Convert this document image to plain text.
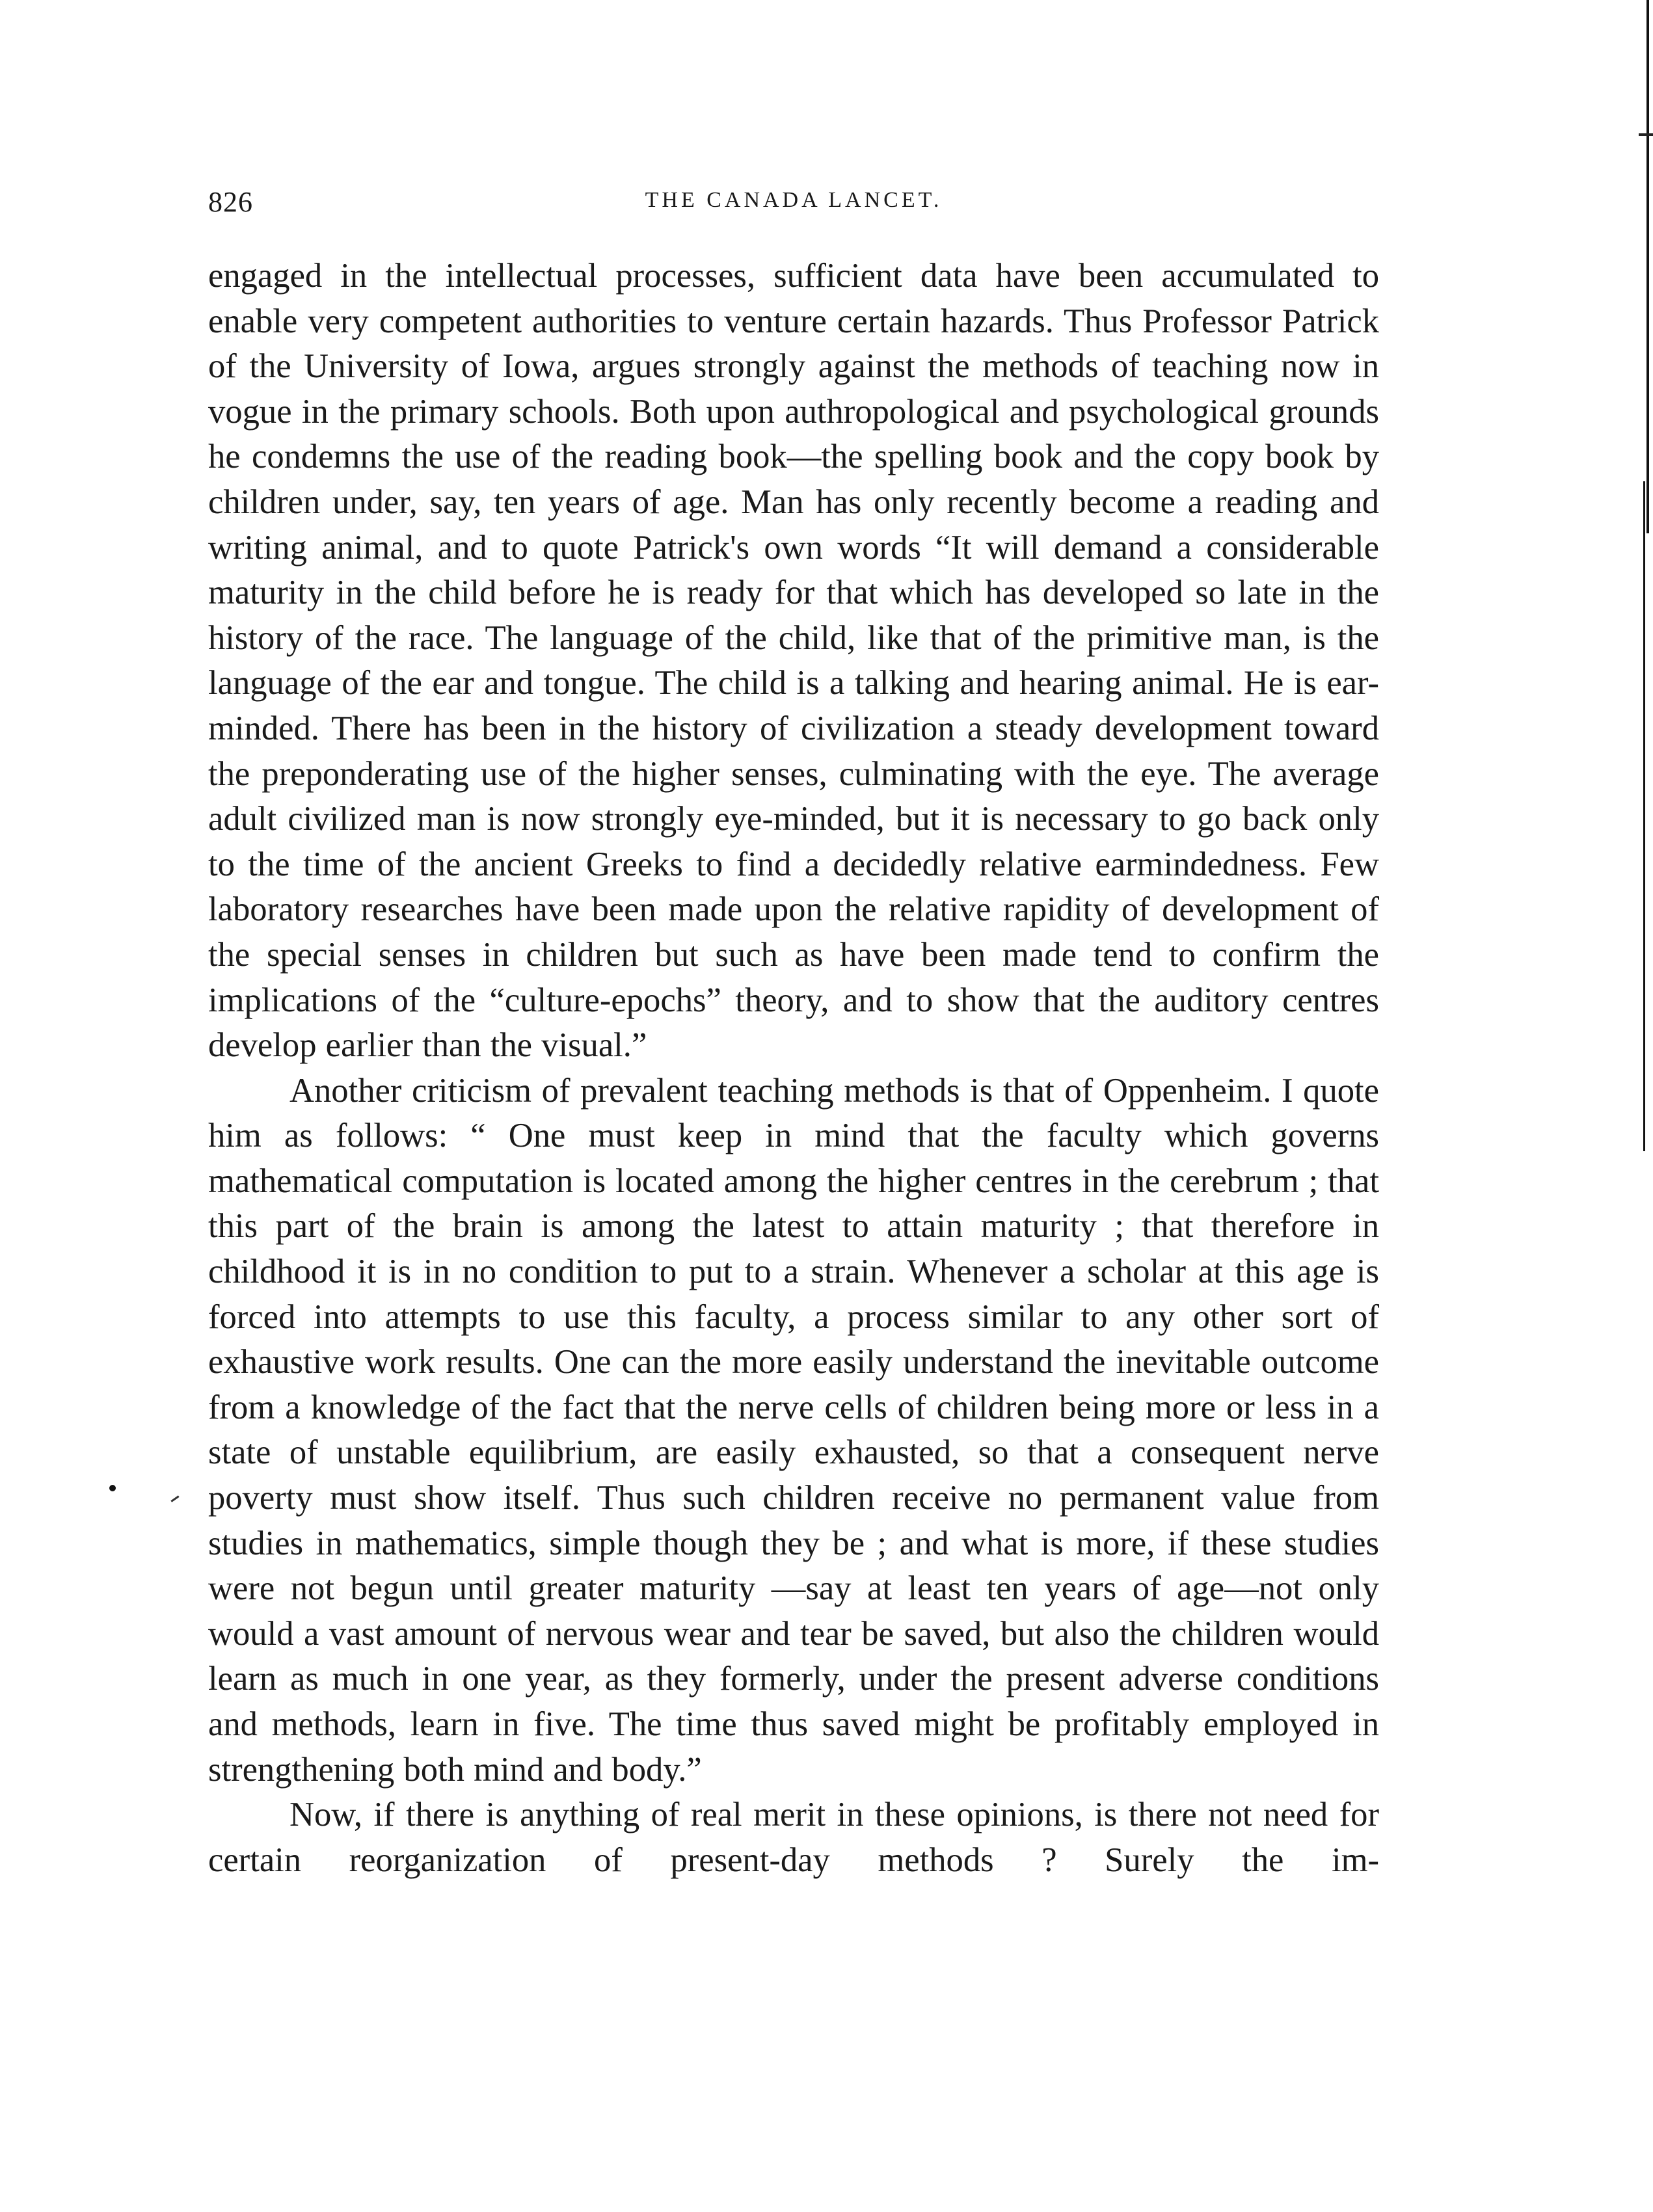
826	THE CANADA LANCET.

engaged in the intellectual processes, sufficient data have been accumulated to enable very competent authorities to venture certain hazards. Thus Professor Patrick of the University of Iowa, argues strongly against the methods of teaching now in vogue in the primary schools. Both upon authropological and psychological grounds he condemns the use of the reading book—the spelling book and the copy book by children under, say, ten years of age. Man has only recently become a reading and writing animal, and to quote Patrick's own words “It will demand a considerable maturity in the child before he is ready for that which has developed so late in the history of the race. The language of the child, like that of the primitive man, is the language of the ear and tongue. The child is a talking and hearing animal. He is ear-minded. There has been in the history of civilization a steady development toward the preponderating use of the higher senses, culminating with the eye. The average adult civilized man is now strongly eye-minded, but it is necessary to go back only to the time of the ancient Greeks to find a decidedly relative earmindedness. Few laboratory researches have been made upon the relative rapidity of development of the special senses in children but such as have been made tend to confirm the implications of the “culture-epochs” theory, and to show that the auditory centres develop earlier than the visual.”

Another criticism of prevalent teaching methods is that of Oppenheim. I quote him as follows: “ One must keep in mind that the faculty which governs mathematical computation is located among the higher centres in the cerebrum ; that this part of the brain is among the latest to attain maturity ; that therefore in childhood it is in no condition to put to a strain. Whenever a scholar at this age is forced into attempts to use this faculty, a process similar to any other sort of exhaustive work results. One can the more easily understand the inevitable outcome from a knowledge of the fact that the nerve cells of children being more or less in a state of unstable equilibrium, are easily exhausted, so that a consequent nerve poverty must show itself. Thus such children receive no permanent value from studies in mathematics, simple though they be ; and what is more, if these studies were not begun until greater maturity —say at least ten years of age—not only would a vast amount of nervous wear and tear be saved, but also the children would learn as much in one year, as they formerly, under the present adverse conditions and methods, learn in five. The time thus saved might be profitably employed in strengthening both mind and body.”

Now, if there is anything of real merit in these opinions, is there not need for certain reorganization of present-day methods ? Surely the im-
